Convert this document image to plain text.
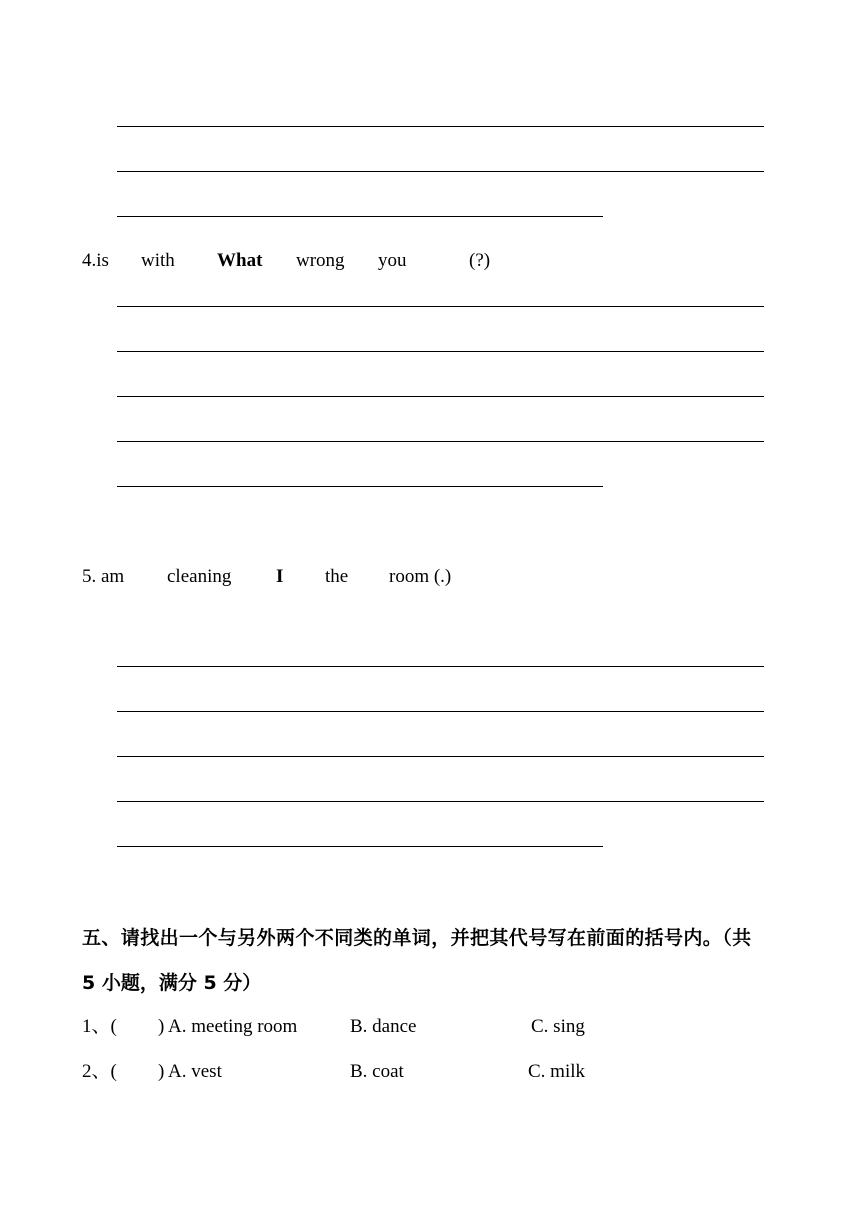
4.is with What wrong you	(?)
5. am cleaning I the room (.)
五、请找出一个与另外两个不同类的单词，并把其代号写在前面的括号内。（共
5 小题，满分 5 分）
1、( ) A. meeting room	B. dance	C. sing
2、( ) A. vest	B. coat	C. milk
